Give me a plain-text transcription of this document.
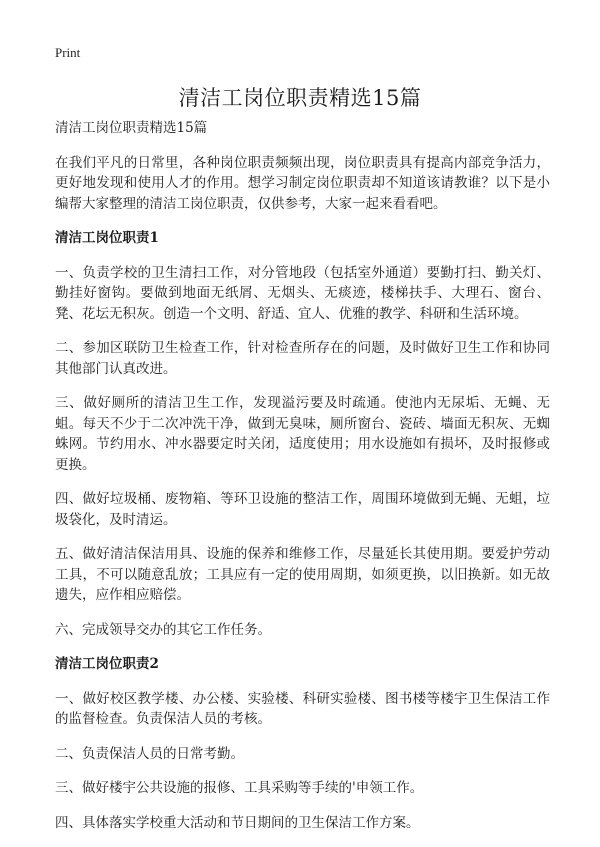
Print
清洁工岗位职责精选15篇

清洁工岗位职责精选15篇

在我们平凡的日常里，各种岗位职责频频出现，岗位职责具有提高内部竞争活力，更好地发现和使用人才的作用。想学习制定岗位职责却不知道该请教谁？以下是小编帮大家整理的清洁工岗位职责，仅供参考，大家一起来看看吧。

清洁工岗位职责1

一、负责学校的卫生清扫工作，对分管地段（包括室外通道）要勤打扫、勤关灯、勤挂好窗钩。要做到地面无纸屑、无烟头、无痰迹，楼梯扶手、大理石、窗台、凳、花坛无积灰。创造一个文明、舒适、宜人、优雅的教学、科研和生活环境。

二、参加区联防卫生检查工作，针对检查所存在的问题，及时做好卫生工作和协同其他部门认真改进。

三、做好厕所的清洁卫生工作，发现溢污要及时疏通。使池内无尿垢、无蝇、无蛆。每天不少于二次冲洗干净，做到无臭味，厕所窗台、瓷砖、墙面无积灰、无蜘蛛网。节约用水、冲水器要定时关闭，适度使用；用水设施如有损坏，及时报修或更换。

四、做好垃圾桶、废物箱、等环卫设施的整洁工作，周围环境做到无蝇、无蛆，垃圾袋化，及时清运。

五、做好清洁保洁用具、设施的保养和维修工作，尽量延长其使用期。要爱护劳动工具，不可以随意乱放；工具应有一定的使用周期，如须更换，以旧换新。如无故遗失，应作相应赔偿。

六、完成领导交办的其它工作任务。

清洁工岗位职责2

一、做好校区教学楼、办公楼、实验楼、科研实验楼、图书楼等楼宇卫生保洁工作的监督检查。负责保洁人员的考核。

二、负责保洁人员的日常考勤。

三、做好楼宇公共设施的报修、工具采购等手续的'申领工作。

四、具体落实学校重大活动和节日期间的卫生保洁工作方案。
